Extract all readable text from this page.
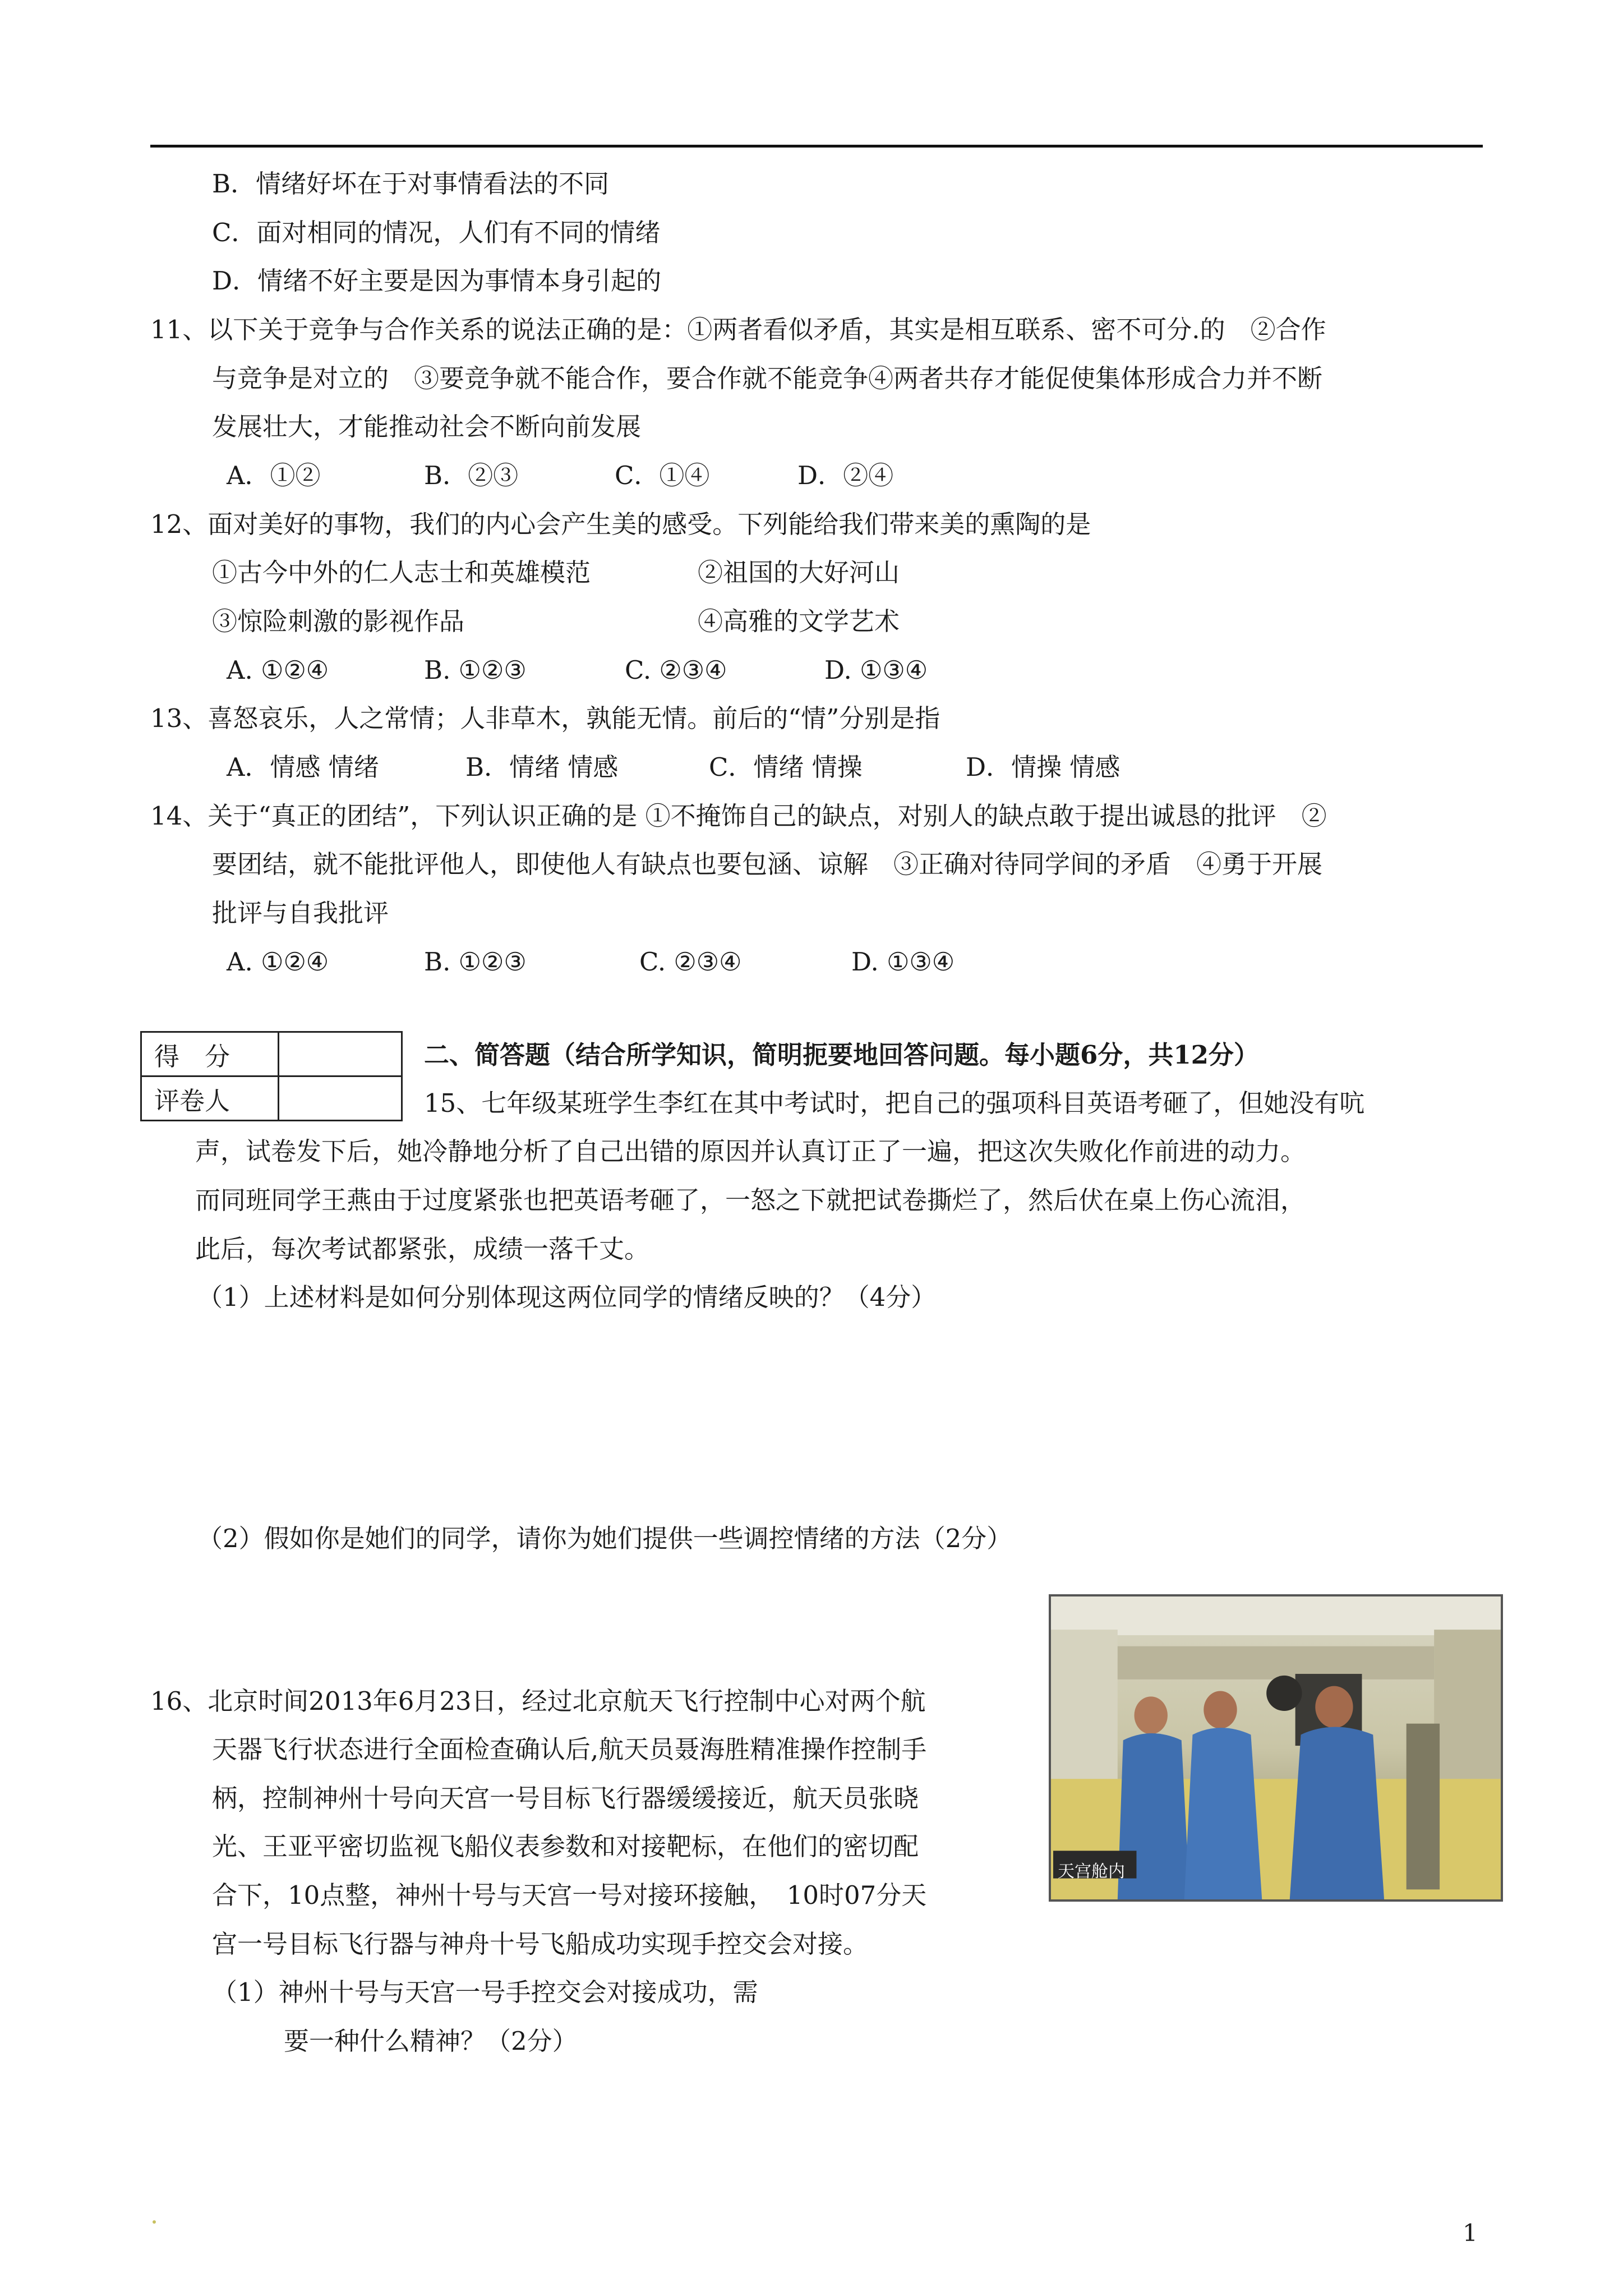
B．情绪好坏在于对事情看法的不同
C．面对相同的情况，人们有不同的情绪
D．情绪不好主要是因为事情本身引起的
11、以下关于竞争与合作关系的说法正确的是：①两者看似矛盾，其实是相互联系、密不可分.的　②合作
与竞争是对立的　③要竞争就不能合作，要合作就不能竞争④两者共存才能促使集体形成合力并不断
发展壮大，才能推动社会不断向前发展
A．①②	B．②③	C．①④	D．②④
12、面对美好的事物，我们的内心会产生美的感受。下列能给我们带来美的熏陶的是
①古今中外的仁人志士和英雄模范	②祖国的大好河山
③惊险刺激的影视作品	④高雅的文学艺术
A. ①②④	B. ①②③	C. ②③④	D. ①③④
13、喜怒哀乐，人之常情；人非草木，孰能无情。前后的“情”分别是指
A．情感 情绪	B．情绪 情感	C．情绪 情操	D．情操 情感
14、关于“真正的团结”，下列认识正确的是 ①不掩饰自己的缺点，对别人的缺点敢于提出诚恳的批评　②
要团结，就不能批评他人，即使他人有缺点也要包涵、谅解　③正确对待同学间的矛盾　④勇于开展
批评与自我批评
A. ①②④	B. ①②③	C. ②③④	D. ①③④
得　分	
评卷人	
二、简答题（结合所学知识，简明扼要地回答问题。每小题6分，共12分）
15、七年级某班学生李红在其中考试时，把自己的强项科目英语考砸了，但她没有吭
声，试卷发下后，她冷静地分析了自己出错的原因并认真订正了一遍，把这次失败化作前进的动力。
而同班同学王燕由于过度紧张也把英语考砸了，一怒之下就把试卷撕烂了，然后伏在桌上伤心流泪，
此后，每次考试都紧张，成绩一落千丈。
（1）上述材料是如何分别体现这两位同学的情绪反映的？（4分）
（2）假如你是她们的同学，请你为她们提供一些调控情绪的方法（2分）
天宫舱内
16、北京时间2013年6月23日，经过北京航天飞行控制中心对两个航
天器飞行状态进行全面检查确认后,航天员聂海胜精准操作控制手
柄，控制神州十号向天宫一号目标飞行器缓缓接近，航天员张晓
光、王亚平密切监视飞船仪表参数和对接靶标，在他们的密切配
合下，10点整，神州十号与天宫一号对接环接触，　10时07分天
宫一号目标飞行器与神舟十号飞船成功实现手控交会对接。
（1）神州十号与天宫一号手控交会对接成功，需
要一种什么精神？（2分）
1
